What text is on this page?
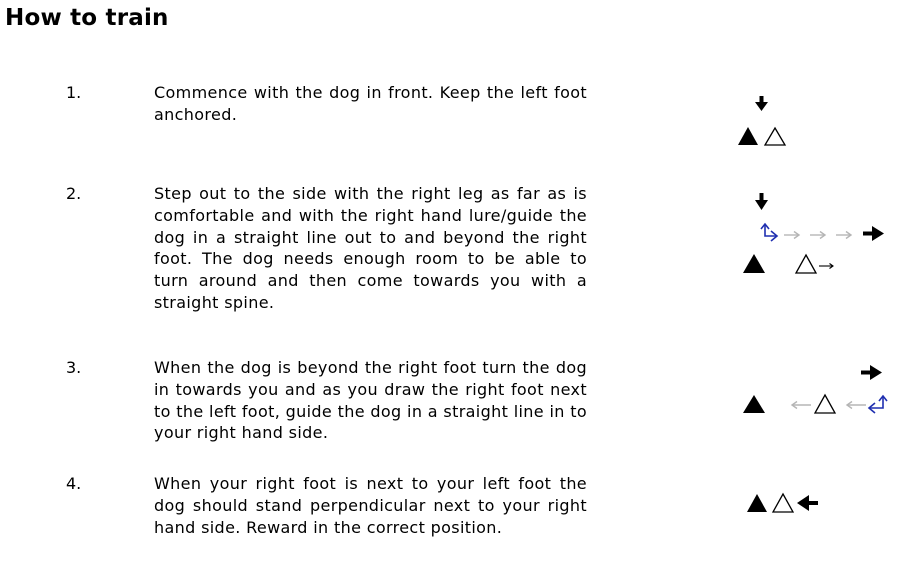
How to train
1.	Commence with the dog in front. Keep the left foot anchored.
2.	Step out to the side with the right leg as far as is comfortable and with the right hand lure/guide the dog in a straight line out to and beyond the right foot. The dog needs enough room to be able to turn around and then come towards you with a straight spine.
3.	When the dog is beyond the right foot turn the dog in towards you and as you draw the right foot next to the left foot, guide the dog in a straight line in to your right hand side.
4.	When your right foot is next to your left foot the dog should stand perpendicular next to your right hand side. Reward in the correct position.
